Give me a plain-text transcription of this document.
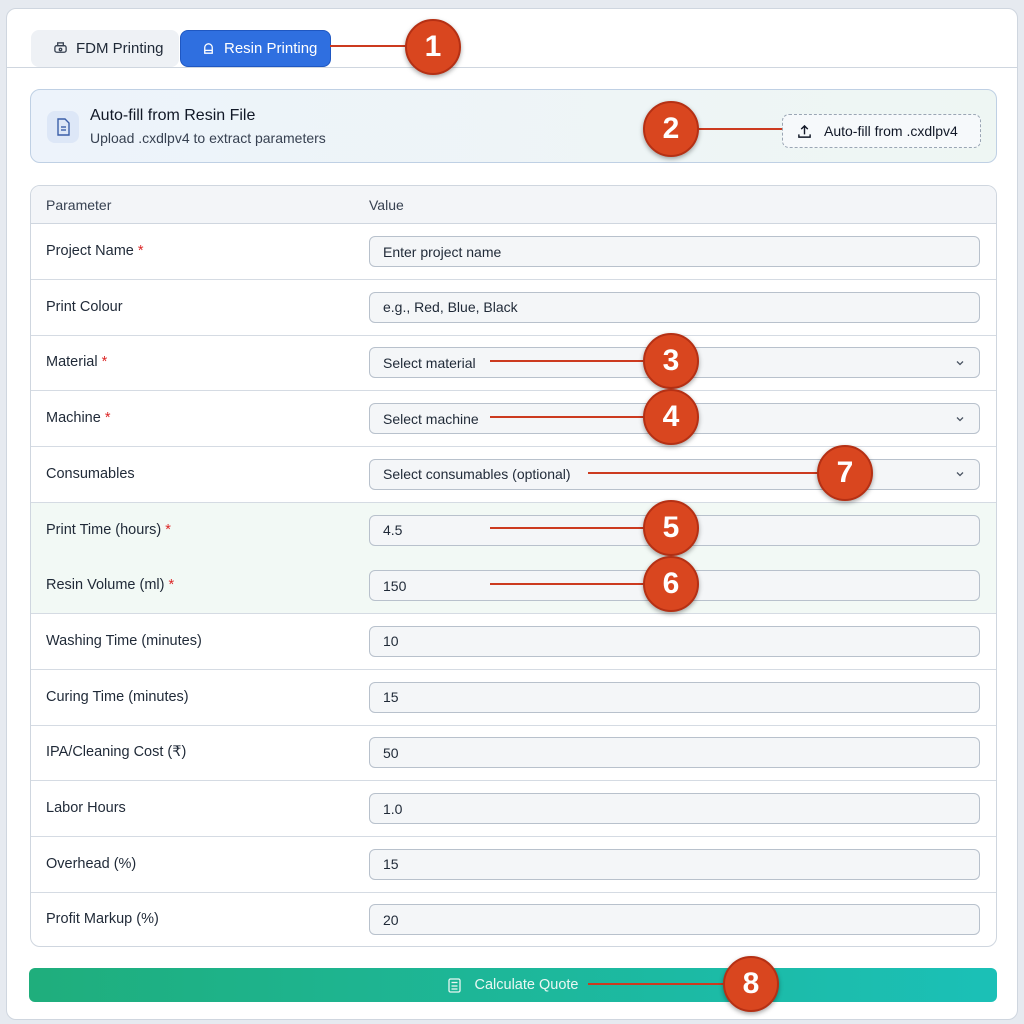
FDM Printing	Resin Printing
Auto-fill from Resin File
Upload .cxdlpv4 to extract parameters	Auto-fill from .cxdlpv4
Parameter	Value
Project Name *	Enter project name
Print Colour	e.g., Red, Blue, Black
Material *	Select material
Machine *	Select machine
Consumables	Select consumables (optional)
Print Time (hours) *	4.5
Resin Volume (ml) *	150
Washing Time (minutes)	10
Curing Time (minutes)	15
IPA/Cleaning Cost (₹)	50
Labor Hours	1.0
Overhead (%)	15
Profit Markup (%)	20
Calculate Quote
1
2
3
4
7
5
6
8
